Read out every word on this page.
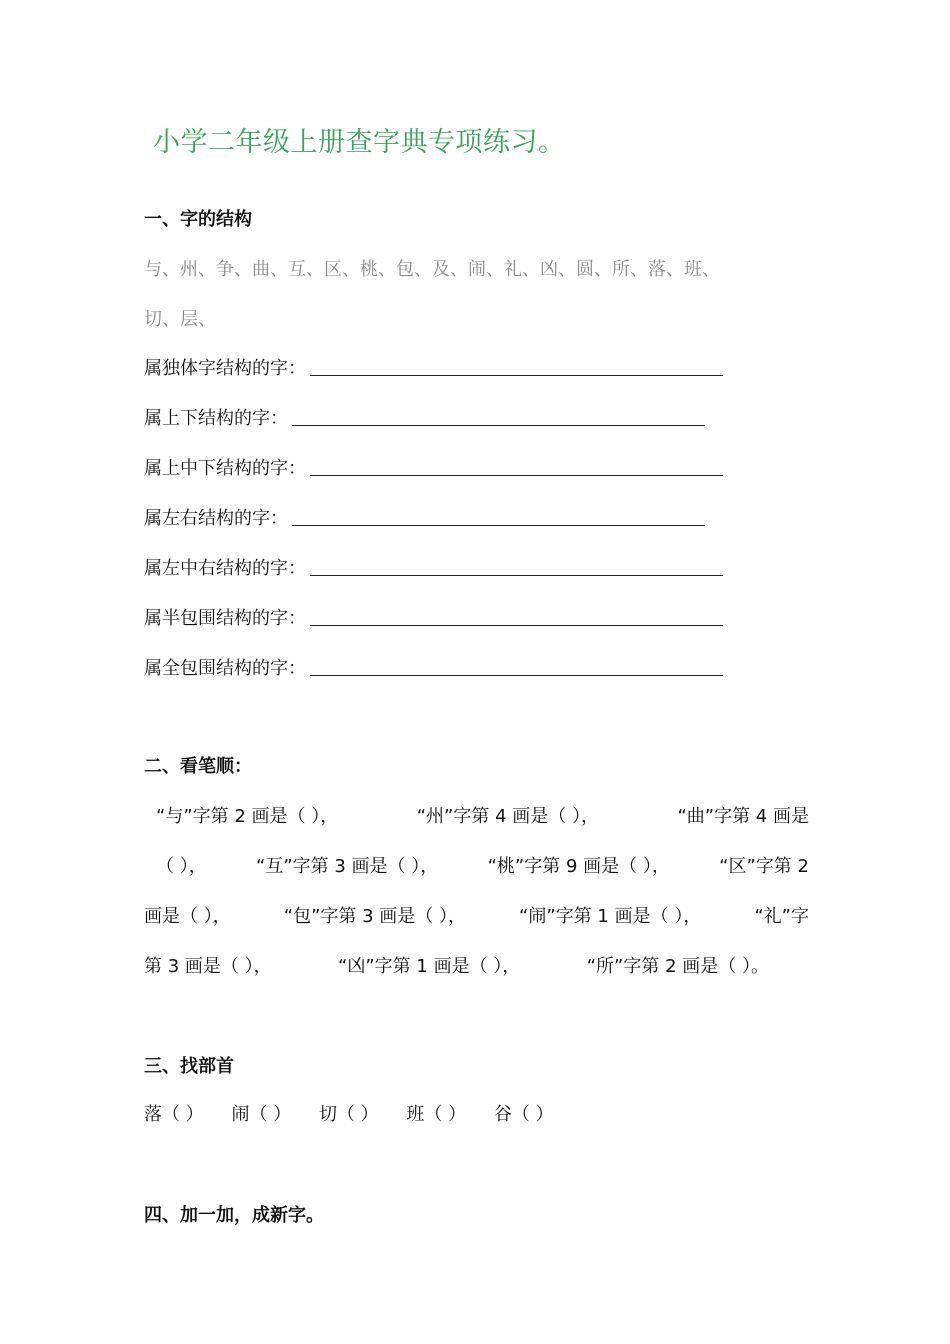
小学二年级上册查字典专项练习。
一、字的结构
与、州、争、曲、互、区、桃、包、及、闹、礼、凶、圆、所、落、班、
切、层、
属独体字结构的字：
属上下结构的字：
属上中下结构的字：
属左右结构的字：
属左中右结构的字：
属半包围结构的字：
属全包围结构的字：
二、看笔顺：
“与”字第 2 画是（ ），	“州”字第 4 画是（ ），	“曲”字第 4 画是
（ ），	“互”字第 3 画是（ ），	“桃”字第 9 画是（ ），	“区”字第 2
画是（ ），	“包”字第 3 画是（ ），	“闹”字第 1 画是（ ），	“礼”字
第 3 画是（ ），	“凶”字第 1 画是（ ），	“所”字第 2 画是（ ）。
三、找部首
落（ ） 闹（ ） 切（ ） 班（ ） 谷（ ）
四、加一加，成新字。
